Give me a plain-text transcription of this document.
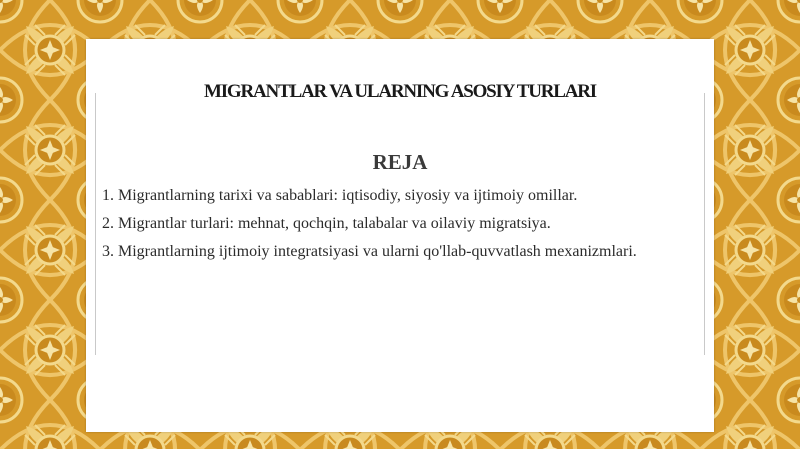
MIGRANTLAR VA ULARNING ASOSIY TURLARI
REJA
1. Migrantlarning tarixi va sabablari: iqtisodiy, siyosiy va ijtimoiy omillar.
2. Migrantlar turlari: mehnat, qochqin, talabalar va oilaviy migratsiya.
3. Migrantlarning ijtimoiy integratsiyasi va ularni qo'llab-quvvatlash mexanizmlari.
